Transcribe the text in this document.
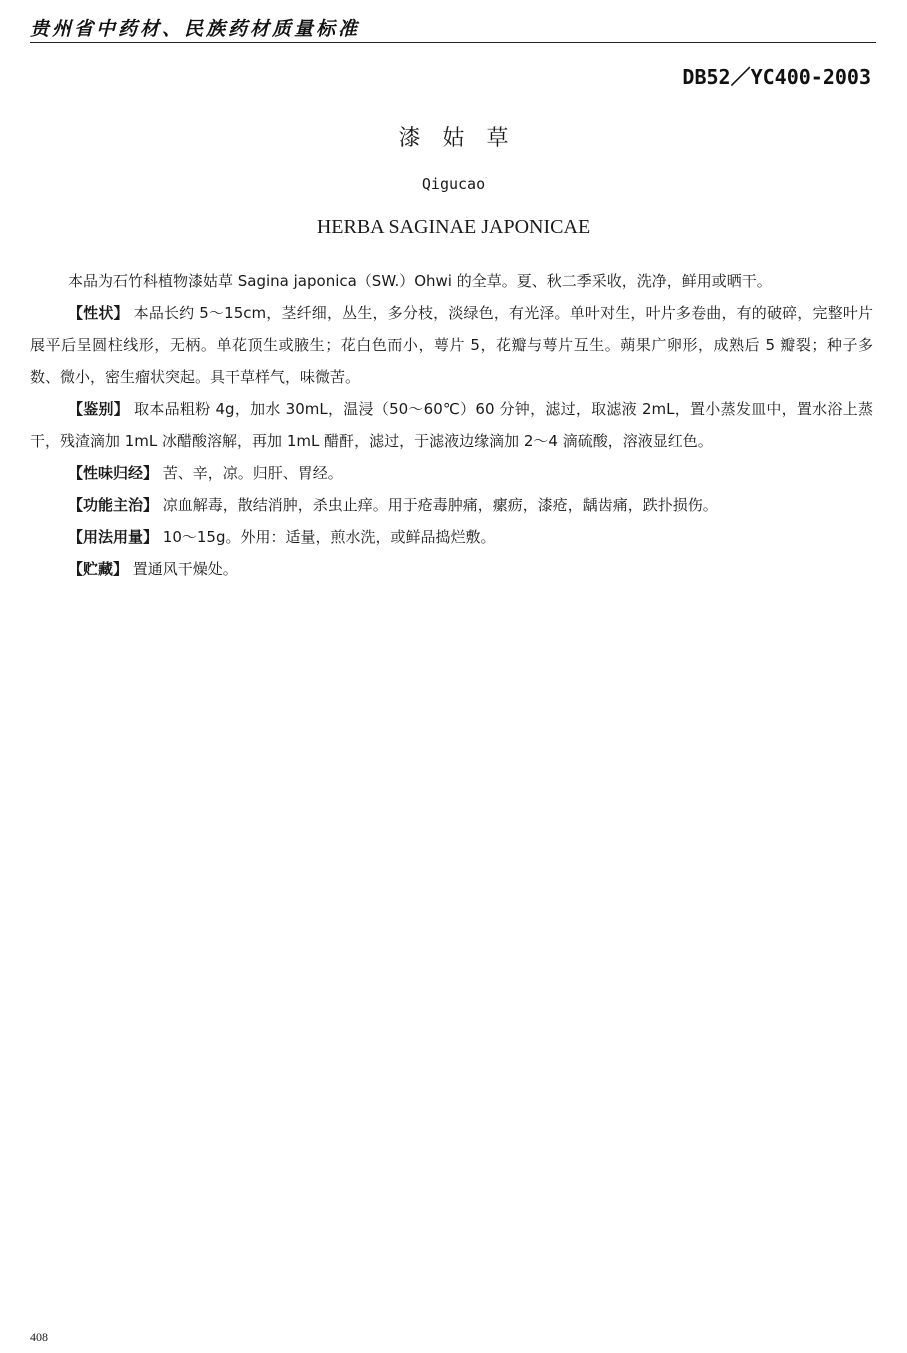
贵州省中药材、民族药材质量标准
DB52／YC400-2003
漆姑草
Qigucao
HERBA SAGINAE JAPONICAE

本品为石竹科植物漆姑草 Sagina japonica（SW.）Ohwi 的全草。夏、秋二季采收，洗净，鲜用或晒干。

【性状】 本品长约 5～15cm，茎纤细，丛生，多分枝，淡绿色，有光泽。单叶对生，叶片多卷曲，有的破碎，完整叶片展平后呈圆柱线形，无柄。单花顶生或腋生；花白色而小，萼片 5，花瓣与萼片互生。蒴果广卵形，成熟后 5 瓣裂；种子多数、微小，密生瘤状突起。具干草样气，味微苦。

【鉴别】 取本品粗粉 4g，加水 30mL，温浸（50～60℃）60 分钟，滤过，取滤液 2mL，置小蒸发皿中，置水浴上蒸干，残渣滴加 1mL 冰醋酸溶解，再加 1mL 醋酐，滤过，于滤液边缘滴加 2～4 滴硫酸，溶液显红色。

【性味归经】 苦、辛，凉。归肝、胃经。

【功能主治】 凉血解毒，散结消肿，杀虫止痒。用于疮毒肿痛，瘰疬，漆疮，龋齿痛，跌扑损伤。

【用法用量】 10～15g。外用：适量，煎水洗，或鲜品捣烂敷。

【贮藏】 置通风干燥处。

408
